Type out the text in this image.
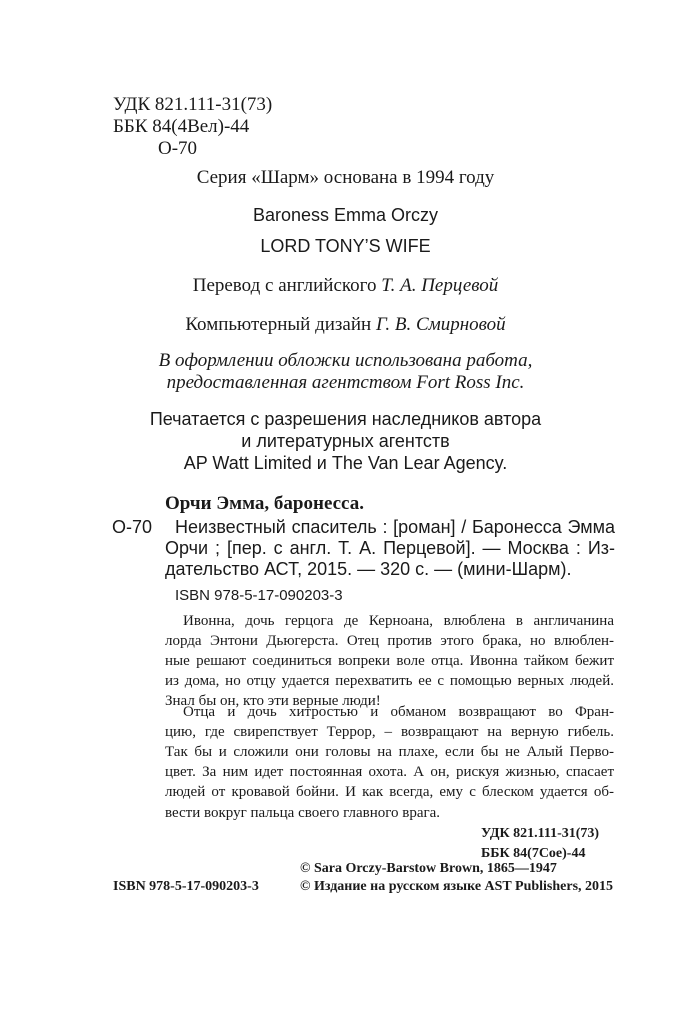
УДК 821.111-31(73)
ББК 84(4Вел)-44
О-70
Серия «Шарм» основана в 1994 году
Baroness Emma Orczy
LORD TONY’S WIFE
Перевод с английского Т. А. Перцевой
Компьютерный дизайн Г. В. Смирновой
В оформлении обложки использована работа,
предоставленная агентством Fort Ross Inc.
Печатается с разрешения наследников автора
и литературных агентств
AP Watt Limited и The Van Lear Agency.
Орчи Эмма, баронесса.
О-70 Неизвестный спаситель : [роман] / Баронесса Эмма
Орчи ; [пер. с англ. Т. А. Перцевой]. — Москва : Из-
дательство АСТ, 2015. — 320 с. — (мини-Шарм).
ISBN 978-5-17-090203-3
Ивонна, дочь герцога де Керноана, влюблена в англичанина
лорда Энтони Дьюгерста. Отец против этого брака, но влюблен-
ные решают соединиться вопреки воле отца. Ивонна тайком бежит
из дома, но отцу удается перехватить ее с помощью верных людей.
Знал бы он, кто эти верные люди!
Отца и дочь хитростью и обманом возвращают во Фран-
цию, где свирепствует Террор, – возвращают на верную гибель.
Так бы и сложили они головы на плахе, если бы не Алый Перво-
цвет. За ним идет постоянная охота. А он, рискуя жизнью, спасает
людей от кровавой бойни. И как всегда, ему с блеском удается об-
вести вокруг пальца своего главного врага.
УДК 821.111-31(73)
ББК 84(7Сое)-44
© Sara Orczy-Barstow Brown, 1865—1947
© Издание на русском языке AST Publishers, 2015
ISBN 978-5-17-090203-3
